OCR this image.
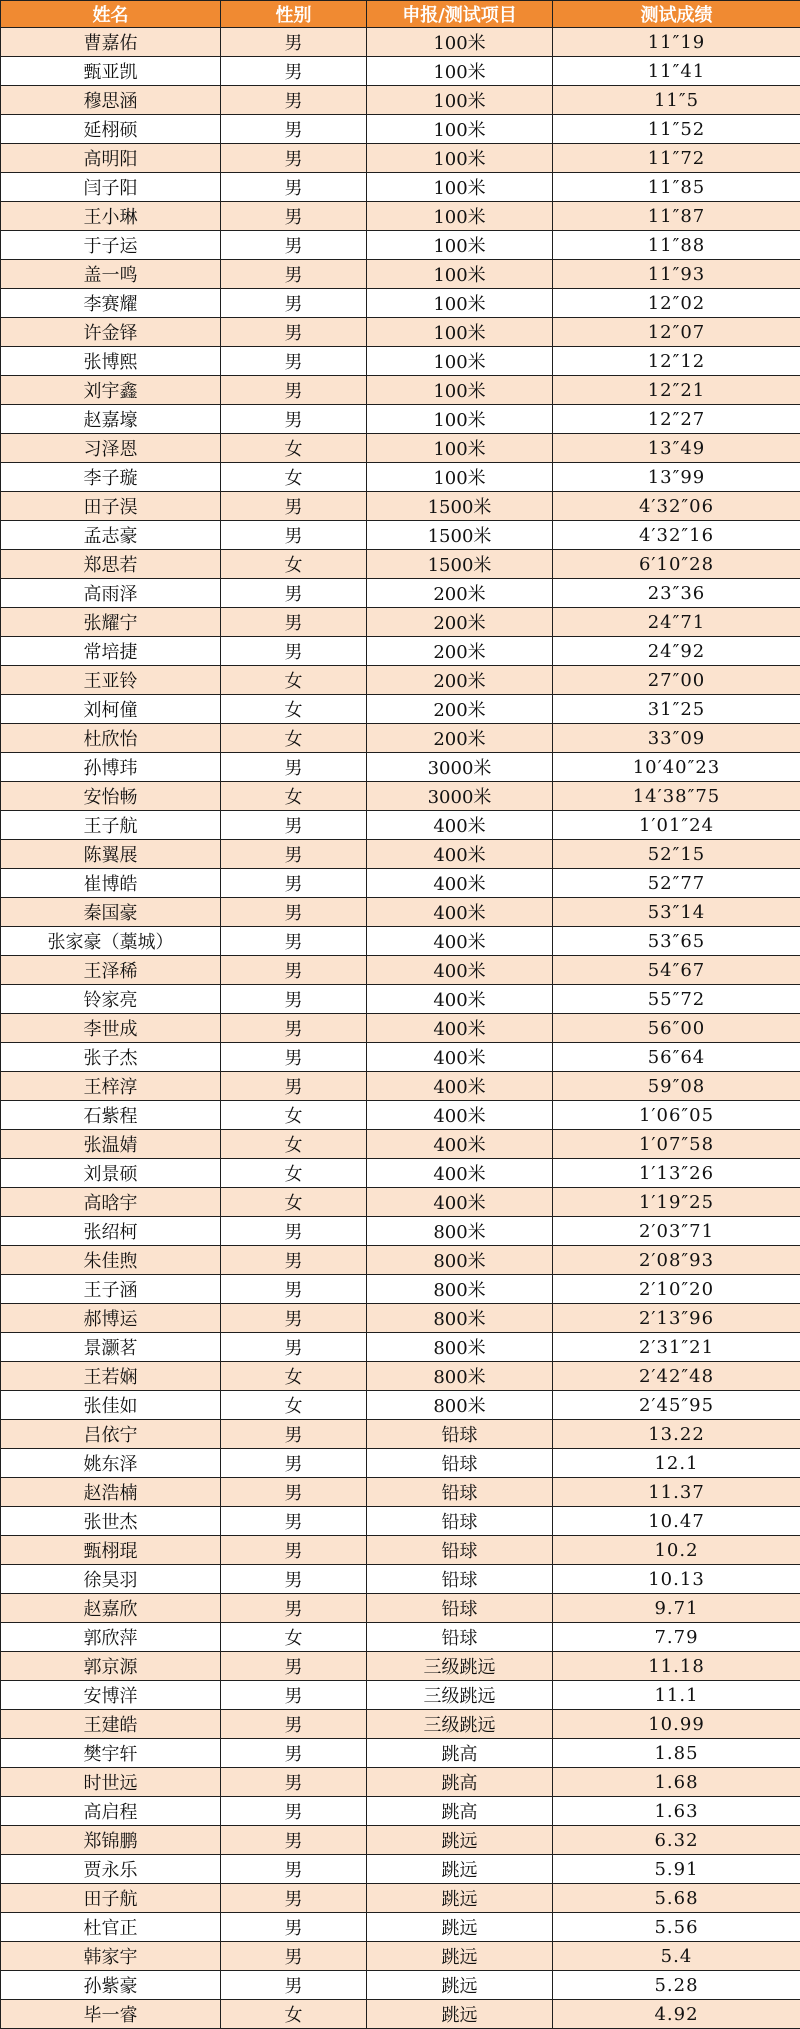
姓名	性别	申报/测试项目	测试成绩
曹嘉佑	男	100米	11″19
甄亚凯	男	100米	11″41
穆思涵	男	100米	11″5
延栩硕	男	100米	11″52
高明阳	男	100米	11″72
闫子阳	男	100米	11″85
王小琳	男	100米	11″87
于子运	男	100米	11″88
盖一鸣	男	100米	11″93
李赛耀	男	100米	12″02
许金铎	男	100米	12″07
张博熙	男	100米	12″12
刘宇鑫	男	100米	12″21
赵嘉壕	男	100米	12″27
习泽恩	女	100米	13″49
李子璇	女	100米	13″99
田子淏	男	1500米	4′32″06
孟志豪	男	1500米	4′32″16
郑思若	女	1500米	6′10″28
高雨泽	男	200米	23″36
张耀宁	男	200米	24″71
常培捷	男	200米	24″92
王亚铃	女	200米	27″00
刘柯僮	女	200米	31″25
杜欣怡	女	200米	33″09
孙博玮	男	3000米	10′40″23
安怡畅	女	3000米	14′38″75
王子航	男	400米	1′01″24
陈翼展	男	400米	52″15
崔博皓	男	400米	52″77
秦国豪	男	400米	53″14
张家豪（藁城）	男	400米	53″65
王泽稀	男	400米	54″67
铃家亮	男	400米	55″72
李世成	男	400米	56″00
张子杰	男	400米	56″64
王梓淳	男	400米	59″08
石紫程	女	400米	1′06″05
张温婧	女	400米	1′07″58
刘景硕	女	400米	1′13″26
高晗宇	女	400米	1′19″25
张绍柯	男	800米	2′03″71
朱佳煦	男	800米	2′08″93
王子涵	男	800米	2′10″20
郝博运	男	800米	2′13″96
景灏茗	男	800米	2′31″21
王若娴	女	800米	2′42″48
张佳如	女	800米	2′45″95
吕依宁	男	铅球	13.22
姚东泽	男	铅球	12.1
赵浩楠	男	铅球	11.37
张世杰	男	铅球	10.47
甄栩琨	男	铅球	10.2
徐昊羽	男	铅球	10.13
赵嘉欣	男	铅球	9.71
郭欣萍	女	铅球	7.79
郭京源	男	三级跳远	11.18
安博洋	男	三级跳远	11.1
王建皓	男	三级跳远	10.99
樊宇轩	男	跳高	1.85
时世远	男	跳高	1.68
高启程	男	跳高	1.63
郑锦鹏	男	跳远	6.32
贾永乐	男	跳远	5.91
田子航	男	跳远	5.68
杜官正	男	跳远	5.56
韩家宇	男	跳远	5.4
孙紫豪	男	跳远	5.28
毕一睿	女	跳远	4.92
